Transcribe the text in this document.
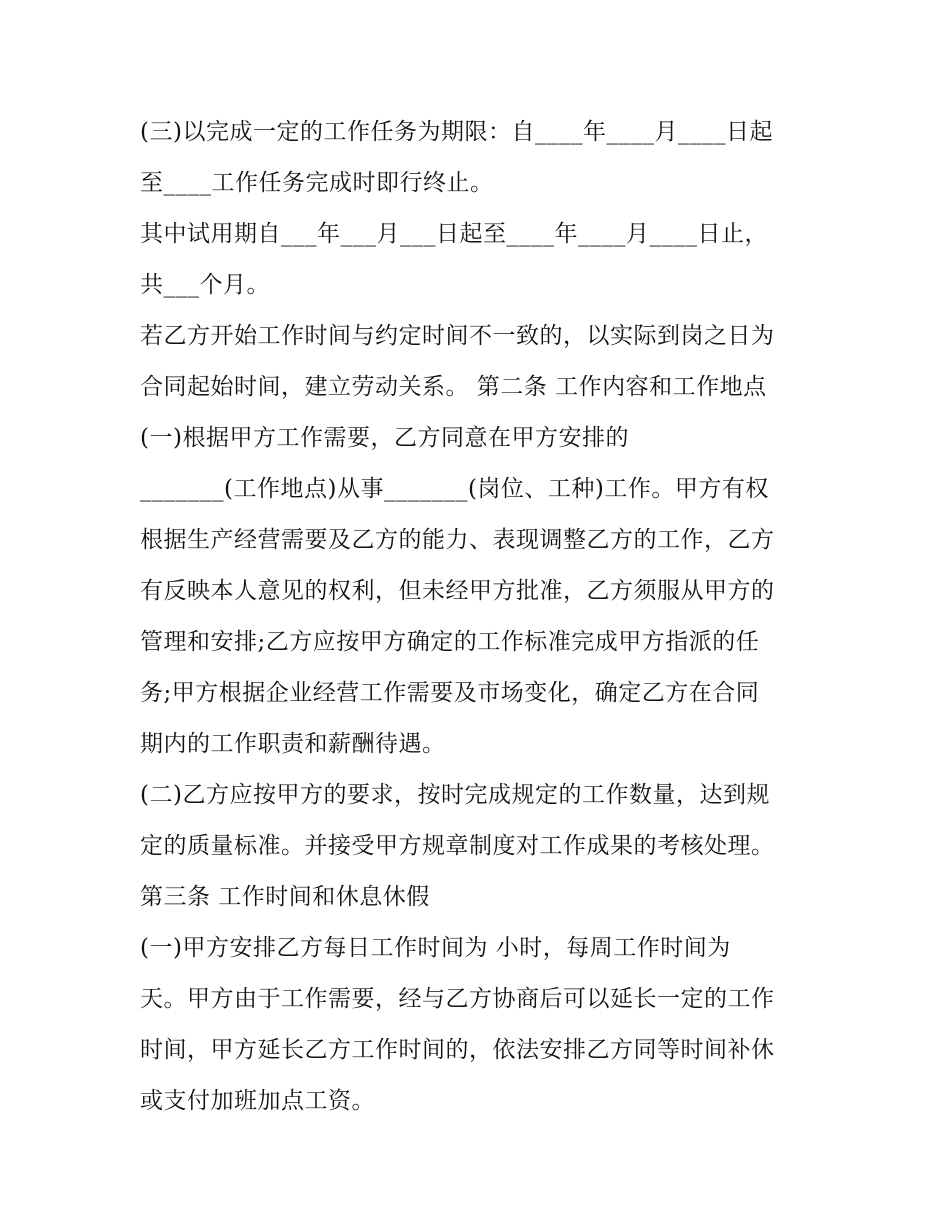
(三)以完成一定的工作任务为期限：自____年____月____日起
至____工作任务完成时即行终止。
其中试用期自___年___月___日起至____年____月____日止，
共___个月。
若乙方开始工作时间与约定时间不一致的，以实际到岗之日为
合同起始时间，建立劳动关系。 第二条 工作内容和工作地点
(一)根据甲方工作需要，乙方同意在甲方安排的
_______(工作地点)从事_______(岗位、工种)工作。甲方有权
根据生产经营需要及乙方的能力、表现调整乙方的工作，乙方
有反映本人意见的权利，但未经甲方批准，乙方须服从甲方的
管理和安排;乙方应按甲方确定的工作标准完成甲方指派的任
务;甲方根据企业经营工作需要及市场变化，确定乙方在合同
期内的工作职责和薪酬待遇。
(二)乙方应按甲方的要求，按时完成规定的工作数量，达到规
定的质量标准。并接受甲方规章制度对工作成果的考核处理。
第三条 工作时间和休息休假
(一)甲方安排乙方每日工作时间为 小时，每周工作时间为
天。甲方由于工作需要，经与乙方协商后可以延长一定的工作
时间，甲方延长乙方工作时间的，依法安排乙方同等时间补休
或支付加班加点工资。
